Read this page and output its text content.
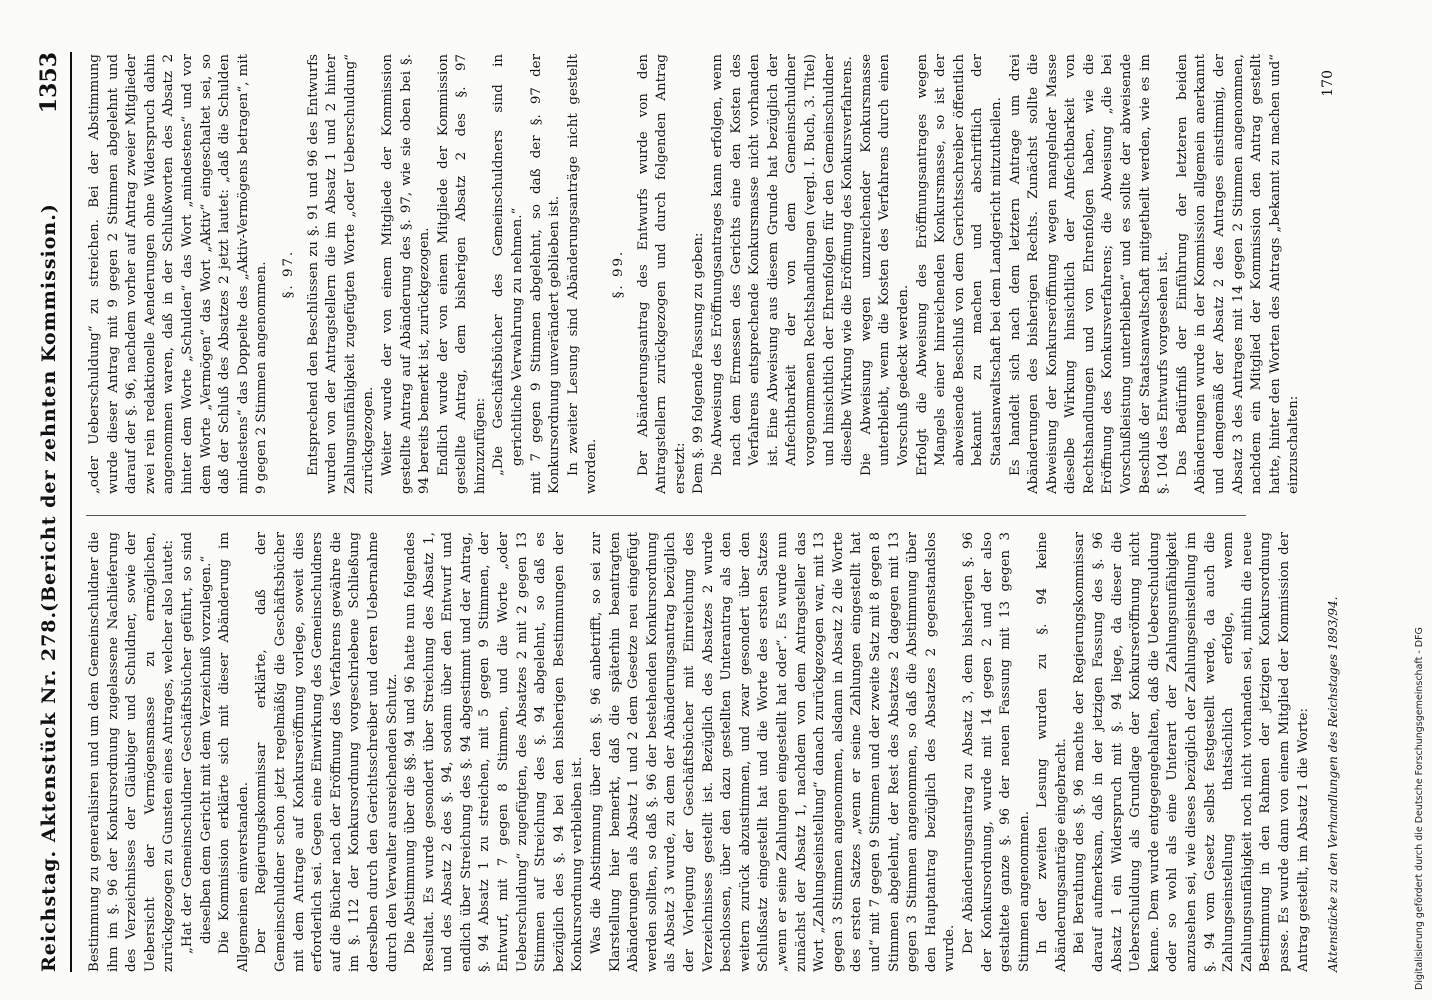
Reichstag. Aktenstück Nr. 278.
(Bericht der zehnten Kommission.)
1353

Bestimmung zu generalisiren und um dem Gemeinschuldner die ihm im §. 96 der Konkursordnung zugelassene Nachlieferung des Verzeichnisses der Gläubiger und Schuldner, sowie der Uebersicht der Vermögensmasse zu ermöglichen, zurückgezogen zu Gunsten eines Antrages, welcher also lautet: „Hat der Gemeinschuldner Geschäftsbücher geführt, so sind dieselben dem Gericht mit dem Verzeichniß vorzulegen.“ Die Kommission erklärte sich mit dieser Abänderung im Allgemeinen einverstanden. Der Regierungskommissar erklärte, daß der Gemeinschuldner schon jetzt regelmäßig die Geschäftsbücher mit dem Antrage auf Konkurseröffnung vorlege, soweit dies erforderlich sei. Gegen eine Einwirkung des Gemeinschuldners auf die Bücher nach der Eröffnung des Verfahrens gewähre die im §. 112 der Konkursordnung vorgeschriebene Schließung derselben durch den Gerichtsschreiber und deren Uebernahme durch den Verwalter ausreichenden Schutz. Die Abstimmung über die §§. 94 und 96 hatte nun folgendes Resultat. Es wurde gesondert über Streichung des Absatz 1, und des Absatz 2 des §. 94, sodann über den Entwurf und endlich über Streichung des §. 94 abgestimmt und der Antrag, §. 94 Absatz 1 zu streichen, mit 5 gegen 9 Stimmen, der Entwurf, mit 7 gegen 8 Stimmen, und die Worte „oder Ueberschuldung“ zugefügten, des Absatzes 2 mit 2 gegen 13 Stimmen auf Streichung des §. 94 abgelehnt, so daß es bezüglich des §. 94 bei den bisherigen Bestimmungen der Konkursordnung verbleiben ist. Was die Abstimmung über den §. 96 anbetrifft, so sei zur Klarstellung hier bemerkt, daß die späterhin beantragten Abänderungen als Absatz 1 und 2 dem Gesetze neu eingefügt werden sollten, so daß §. 96 der bestehenden Konkursordnung als Absatz 3 wurde, zu dem der Abänderungsantrag bezüglich der Vorlegung der Geschäftsbücher mit Einreichung des Verzeichnisses gestellt ist. Bezüglich des Absatzes 2 wurde beschlossen, über den dazu gestellten Unterantrag als den weitern zurück abzustimmen, und zwar gesondert über den Schlußsatz eingestellt hat und die Worte des ersten Satzes „wenn er seine Zahlungen eingestellt hat oder“. Es wurde nun zunächst der Absatz 1, nachdem von dem Antragsteller das Wort „Zahlungseinstellung“ danach zurückgezogen war, mit 13 gegen 3 Stimmen angenommen, alsdann in Absatz 2 die Worte des ersten Satzes „wenn er seine Zahlungen eingestellt hat und“ mit 7 gegen 9 Stimmen und der zweite Satz mit 8 gegen 8 Stimmen abgelehnt, der Rest des Absatzes 2 dagegen mit 13 gegen 3 Stimmen angenommen, so daß die Abstimmung über den Hauptantrag bezüglich des Absatzes 2 gegenstandslos wurde. Der Abänderungsantrag zu Absatz 3, dem bisherigen §. 96 der Konkursordnung, wurde mit 14 gegen 2 und der also gestaltete ganze §. 96 der neuen Fassung mit 13 gegen 3 Stimmen angenommen. In der zweiten Lesung wurden zu §. 94 keine Abänderungsanträge eingebracht. Bei Berathung des §. 96 machte der Regierungskommissar darauf aufmerksam, daß in der jetzigen Fassung des §. 96 Absatz 1 ein Widerspruch mit §. 94 liege, da dieser die Ueberschuldung als Grundlage der Konkurseröffnung nicht kenne. Dem wurde entgegengehalten, daß die Ueberschuldung oder so wohl als eine Unterart der Zahlungsunfähigkeit anzusehen sei, wie dieses bezüglich der Zahlungseinstellung im §. 94 vom Gesetz selbst festgestellt werde, da auch die Zahlungseinstellung thatsächlich erfolge, wenn Zahlungsunfähigkeit noch nicht vorhanden sei, mithin die neue Bestimmung in den Rahmen der jetzigen Konkursordnung passe. Es wurde dann von einem Mitglied der Kommission der Antrag gestellt, im Absatz 1 die Worte:

„oder Ueberschuldung“ zu streichen. Bei der Abstimmung wurde dieser Antrag mit 9 gegen 2 Stimmen abgelehnt und darauf der §. 96, nachdem vorher auf Antrag zweier Mitglieder zwei rein redaktionelle Aenderungen ohne Widerspruch dahin angenommen waren, daß in der Schlußworten des Absatz 2 hinter dem Worte „Schulden“ das Wort „mindestens“ und vor dem Worte „Vermögen“ das Wort „Aktiv“ eingeschaltet sei, so daß der Schluß des Absatzes 2 jetzt lautet: „daß die Schulden mindestens“ das Doppelte des „Aktiv-Vermögens betragen“, mit 9 gegen 2 Stimmen angenommen. §. 97. Entsprechend den Beschlüssen zu §. 91 und 96 des Entwurfs wurden von der Antragstellern die im Absatz 1 und 2 hinter Zahlungsunfähigkeit zugefügten Worte „oder Ueberschuldung“ zurückgezogen. Weiter wurde der von einem Mitgliede der Kommission gestellte Antrag auf Abänderung des §. 97, wie sie oben bei §. 94 bereits bemerkt ist, zurückgezogen. Endlich wurde der von einem Mitgliede der Kommission gestellte Antrag, dem bisherigen Absatz 2 des §. 97 hinzuzufügen: „Die Geschäftsbücher des Gemeinschuldners sind in gerichtliche Verwahrung zu nehmen.“ mit 7 gegen 9 Stimmen abgelehnt, so daß der §. 97 der Konkursordnung unverändert geblieben ist. In zweiter Lesung sind Abänderungsanträge nicht gestellt worden.

§. 99. Der Abänderungsantrag des Entwurfs wurde von den Antragstellern zurückgezogen und durch folgenden Antrag ersetzt: Dem §. 99 folgende Fassung zu geben: Die Abweisung des Eröffnungsantrages kann erfolgen, wenn nach dem Ermessen des Gerichts eine den Kosten des Verfahrens entsprechende Konkursmasse nicht vorhanden ist. Eine Abweisung aus diesem Grunde hat bezüglich der Anfechtbarkeit der von dem Gemeinschuldner vorgenommenen Rechtshandlungen (vergl. I. Buch, 3. Titel) und hinsichtlich der Ehrenfolgen für den Gemeinschuldner dieselbe Wirkung wie die Eröffnung des Konkursverfahrens. Die Abweisung wegen unzureichender Konkursmasse unterbleibt, wenn die Kosten des Verfahrens durch einen Vorschuß gedeckt werden. Erfolgt die Abweisung des Eröffnungsantrages wegen Mangels einer hinreichenden Konkursmasse, so ist der abweisende Beschluß von dem Gerichtsschreiber öffentlich bekannt zu machen und abschriftlich der Staatsanwaltschaft bei dem Landgericht mitzutheilen. Es handelt sich nach dem letztern Antrage um drei Abänderungen des bisherigen Rechts. Zunächst sollte die Abweisung der Konkurseröffnung wegen mangelnder Masse dieselbe Wirkung hinsichtlich der Anfechtbarkeit von Rechtshandlungen und von Ehrenfolgen haben, wie die Eröffnung des Konkursverfahrens; die Abweisung „die bei Vorschußleistung unterbleiben“ und es sollte der abweisende Beschluß der Staatsanwaltschaft mitgetheilt werden, wie es im §. 104 des Entwurfs vorgesehen ist. Das Bedürfniß der Einführung der letzteren beiden Abänderungen wurde in der Kommission allgemein anerkannt und demgemäß der Absatz 2 des Antrages einstimmig, der Absatz 3 des Antrages mit 14 gegen 2 Stimmen angenommen, nachdem ein Mitglied der Kommission den Antrag gestellt hatte, hinter den Worten des Antrags „bekannt zu machen und“ einzuschalten:

Aktenstücke zu den Verhandlungen des Reichstages 1893/94.
170
Digitalisierung gefördert durch die Deutsche Forschungsgemeinschaft - DFG
